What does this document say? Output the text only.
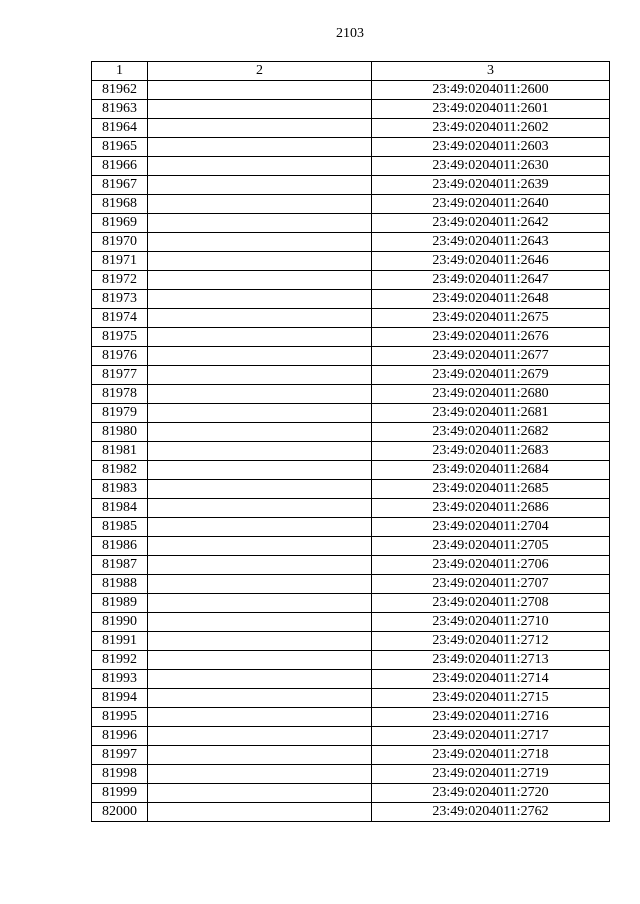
2103
1	2	3
81962		23:49:0204011:2600
81963		23:49:0204011:2601
81964		23:49:0204011:2602
81965		23:49:0204011:2603
81966		23:49:0204011:2630
81967		23:49:0204011:2639
81968		23:49:0204011:2640
81969		23:49:0204011:2642
81970		23:49:0204011:2643
81971		23:49:0204011:2646
81972		23:49:0204011:2647
81973		23:49:0204011:2648
81974		23:49:0204011:2675
81975		23:49:0204011:2676
81976		23:49:0204011:2677
81977		23:49:0204011:2679
81978		23:49:0204011:2680
81979		23:49:0204011:2681
81980		23:49:0204011:2682
81981		23:49:0204011:2683
81982		23:49:0204011:2684
81983		23:49:0204011:2685
81984		23:49:0204011:2686
81985		23:49:0204011:2704
81986		23:49:0204011:2705
81987		23:49:0204011:2706
81988		23:49:0204011:2707
81989		23:49:0204011:2708
81990		23:49:0204011:2710
81991		23:49:0204011:2712
81992		23:49:0204011:2713
81993		23:49:0204011:2714
81994		23:49:0204011:2715
81995		23:49:0204011:2716
81996		23:49:0204011:2717
81997		23:49:0204011:2718
81998		23:49:0204011:2719
81999		23:49:0204011:2720
82000		23:49:0204011:2762
